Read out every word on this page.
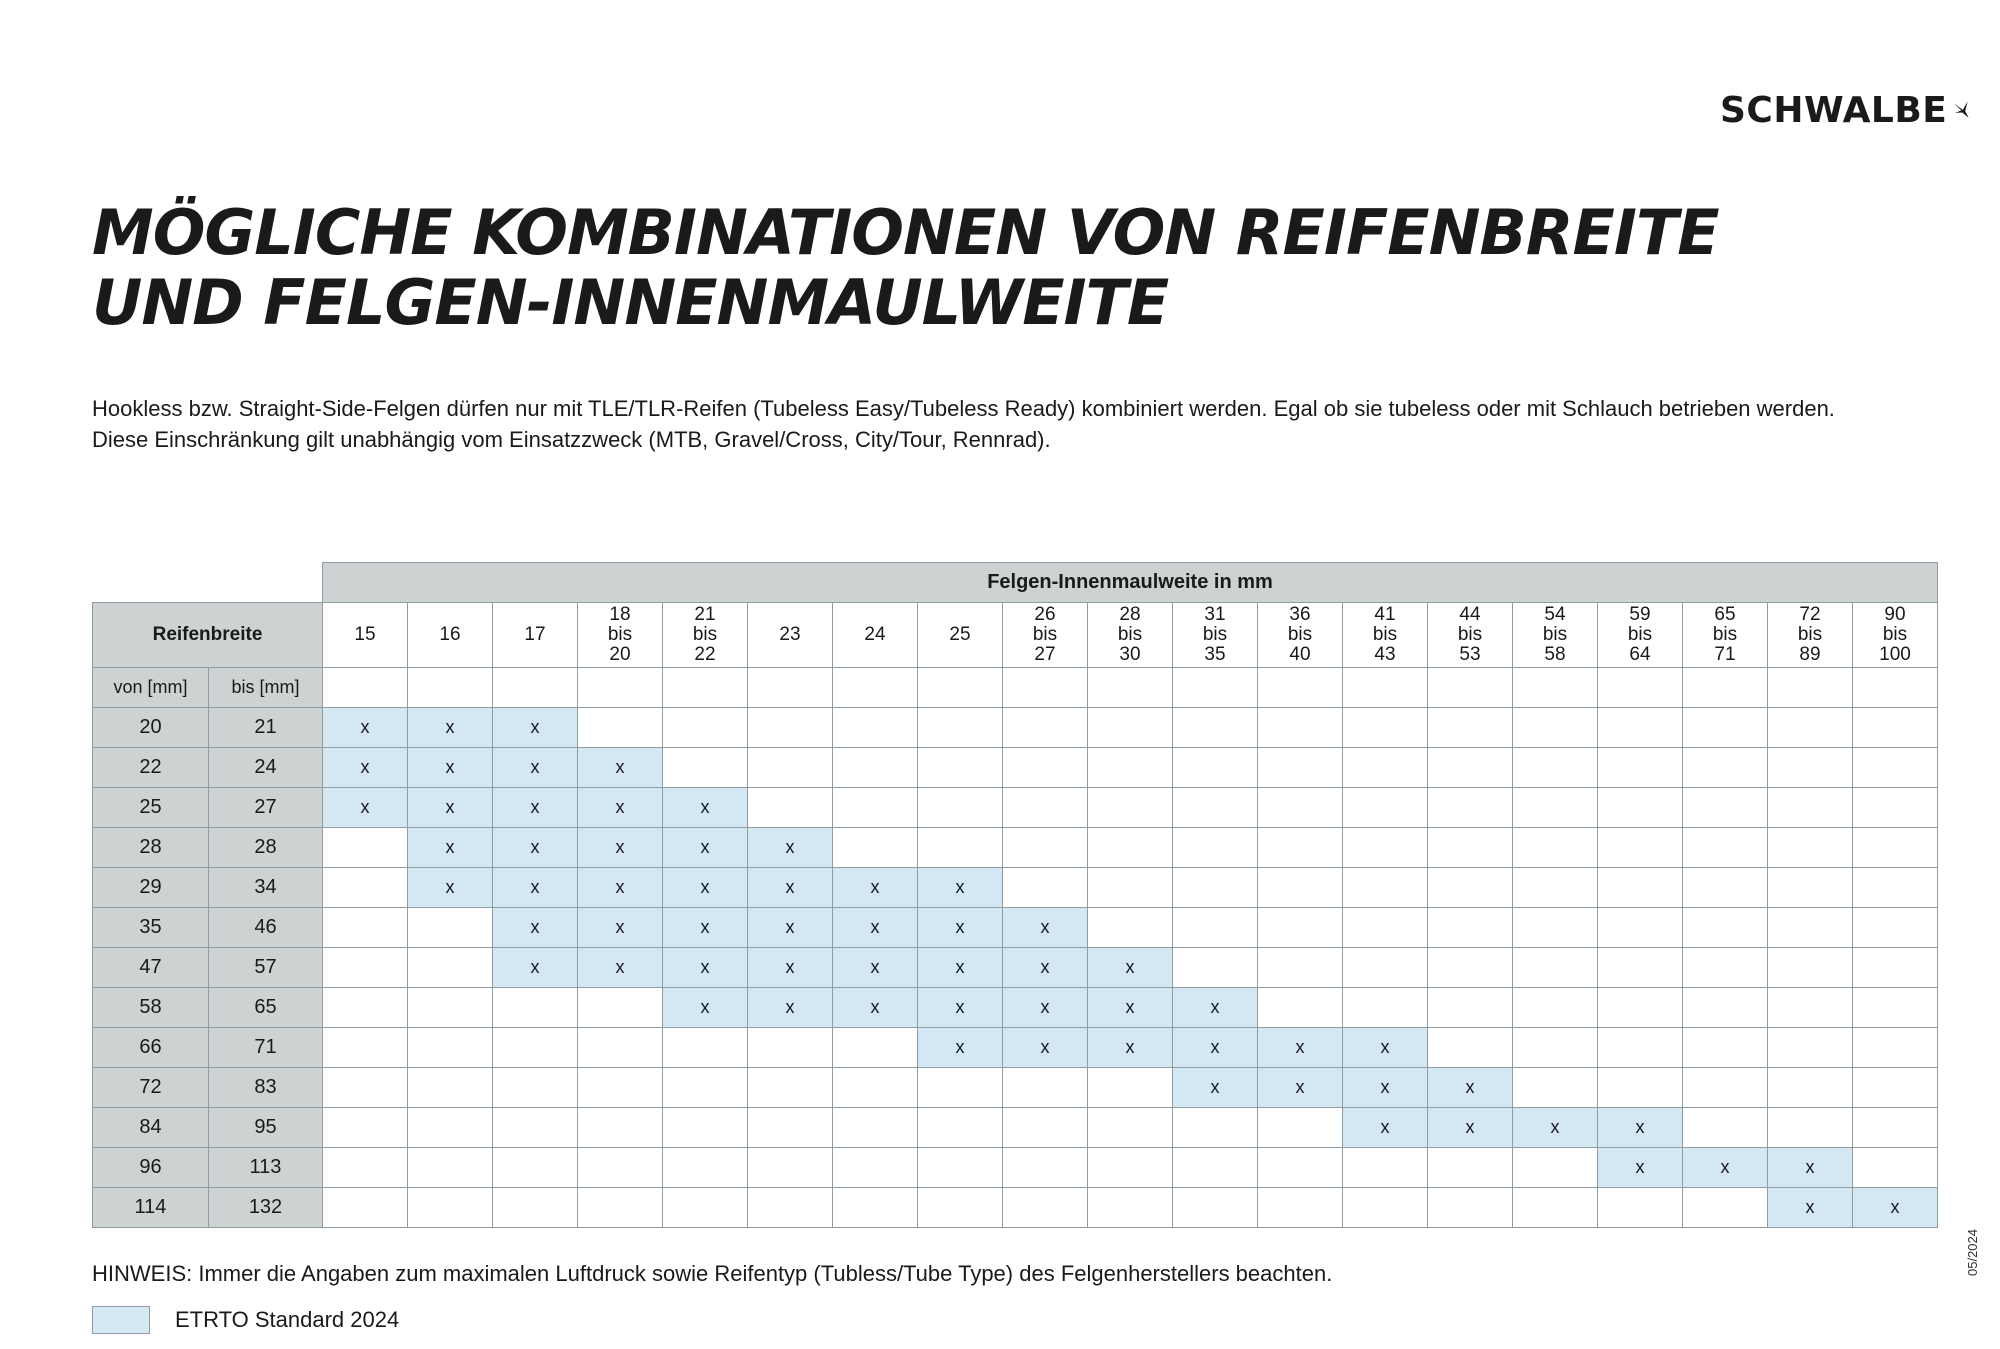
SCHWALBE
MÖGLICHE KOMBINATIONEN VON REIFENBREITE
UND FELGEN-INNENMAULWEITE
Hookless bzw. Straight-Side-Felgen dürfen nur mit TLE/TLR-Reifen (Tubeless Easy/Tubeless Ready) kombiniert werden. Egal ob sie tubeless oder mit Schlauch betrieben werden.
Diese Einschränkung gilt unabhängig vom Einsatzzweck (MTB, Gravel/Cross, City/Tour, Rennrad).
		Felgen-Innenmaulweite in mm																		
Reifenbreite		15	16	17	18
bis
20	21
bis
22	23	24	25	26
bis
27	28
bis
30	31
bis
35	36
bis
40	41
bis
43	44
bis
53	54
bis
58	59
bis
64	65
bis
71	72
bis
89	90
bis
100

von [mm]	bis [mm]																			
20	21	x	x	x																
22	24	x	x	x	x															
25	27	x	x	x	x	x														
28	28		x	x	x	x	x													
29	34		x	x	x	x	x	x	x											
35	46			x	x	x	x	x	x	x										
47	57			x	x	x	x	x	x	x	x									
58	65					x	x	x	x	x	x	x								
66	71								x	x	x	x	x	x						
72	83											x	x	x	x					
84	95													x	x	x	x			
96	113																x	x	x	
114	132																		x	x
HINWEIS: Immer die Angaben zum maximalen Luftdruck sowie Reifentyp (Tubless/Tube Type) des Felgenherstellers beachten.
ETRTO Standard 2024
05/2024
